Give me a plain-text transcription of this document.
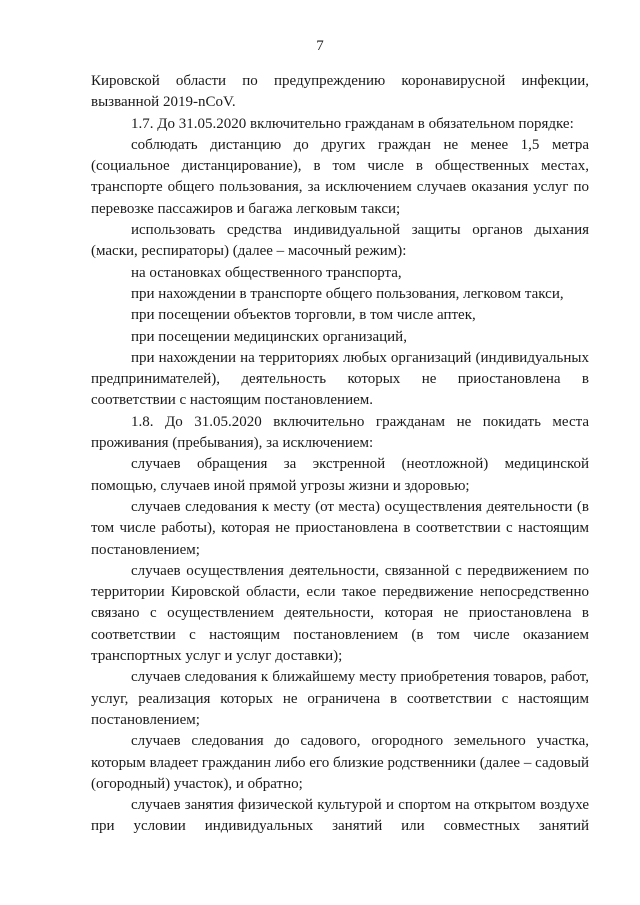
7

Кировской области по предупреждению коронавирусной инфекции, вызванной 2019-nCoV.

1.7. До 31.05.2020 включительно гражданам в обязательном порядке:

соблюдать дистанцию до других граждан не менее 1,5 метра (социальное дистанцирование), в том числе в общественных местах, транспорте общего пользования, за исключением случаев оказания услуг по перевозке пассажиров и багажа легковым такси;

использовать средства индивидуальной защиты органов дыхания (маски, респираторы) (далее – масочный режим):

на остановках общественного транспорта,

при нахождении в транспорте общего пользования, легковом такси,

при посещении объектов торговли, в том числе аптек,

при посещении медицинских организаций,

при нахождении на территориях любых организаций (индивидуальных предпринимателей), деятельность которых не приостановлена в соответствии с настоящим постановлением.

1.8. До 31.05.2020 включительно гражданам не покидать места проживания (пребывания), за исключением:

случаев обращения за экстренной (неотложной) медицинской помощью, случаев иной прямой угрозы жизни и здоровью;

случаев следования к месту (от места) осуществления деятельности (в том числе работы), которая не приостановлена в соответствии с настоящим постановлением;

случаев осуществления деятельности, связанной с передвижением по территории Кировской области, если такое передвижение непосредственно связано с осуществлением деятельности, которая не приостановлена в соответствии с настоящим постановлением (в том числе оказанием транспортных услуг и услуг доставки);

случаев следования к ближайшему месту приобретения товаров, работ, услуг, реализация которых не ограничена в соответствии с настоящим постановлением;

случаев следования до садового, огородного земельного участка, которым владеет гражданин либо его близкие родственники (далее – садовый (огородный) участок), и обратно;

случаев занятия физической культурой и спортом на открытом воздухе при условии индивидуальных занятий или совместных занятий
